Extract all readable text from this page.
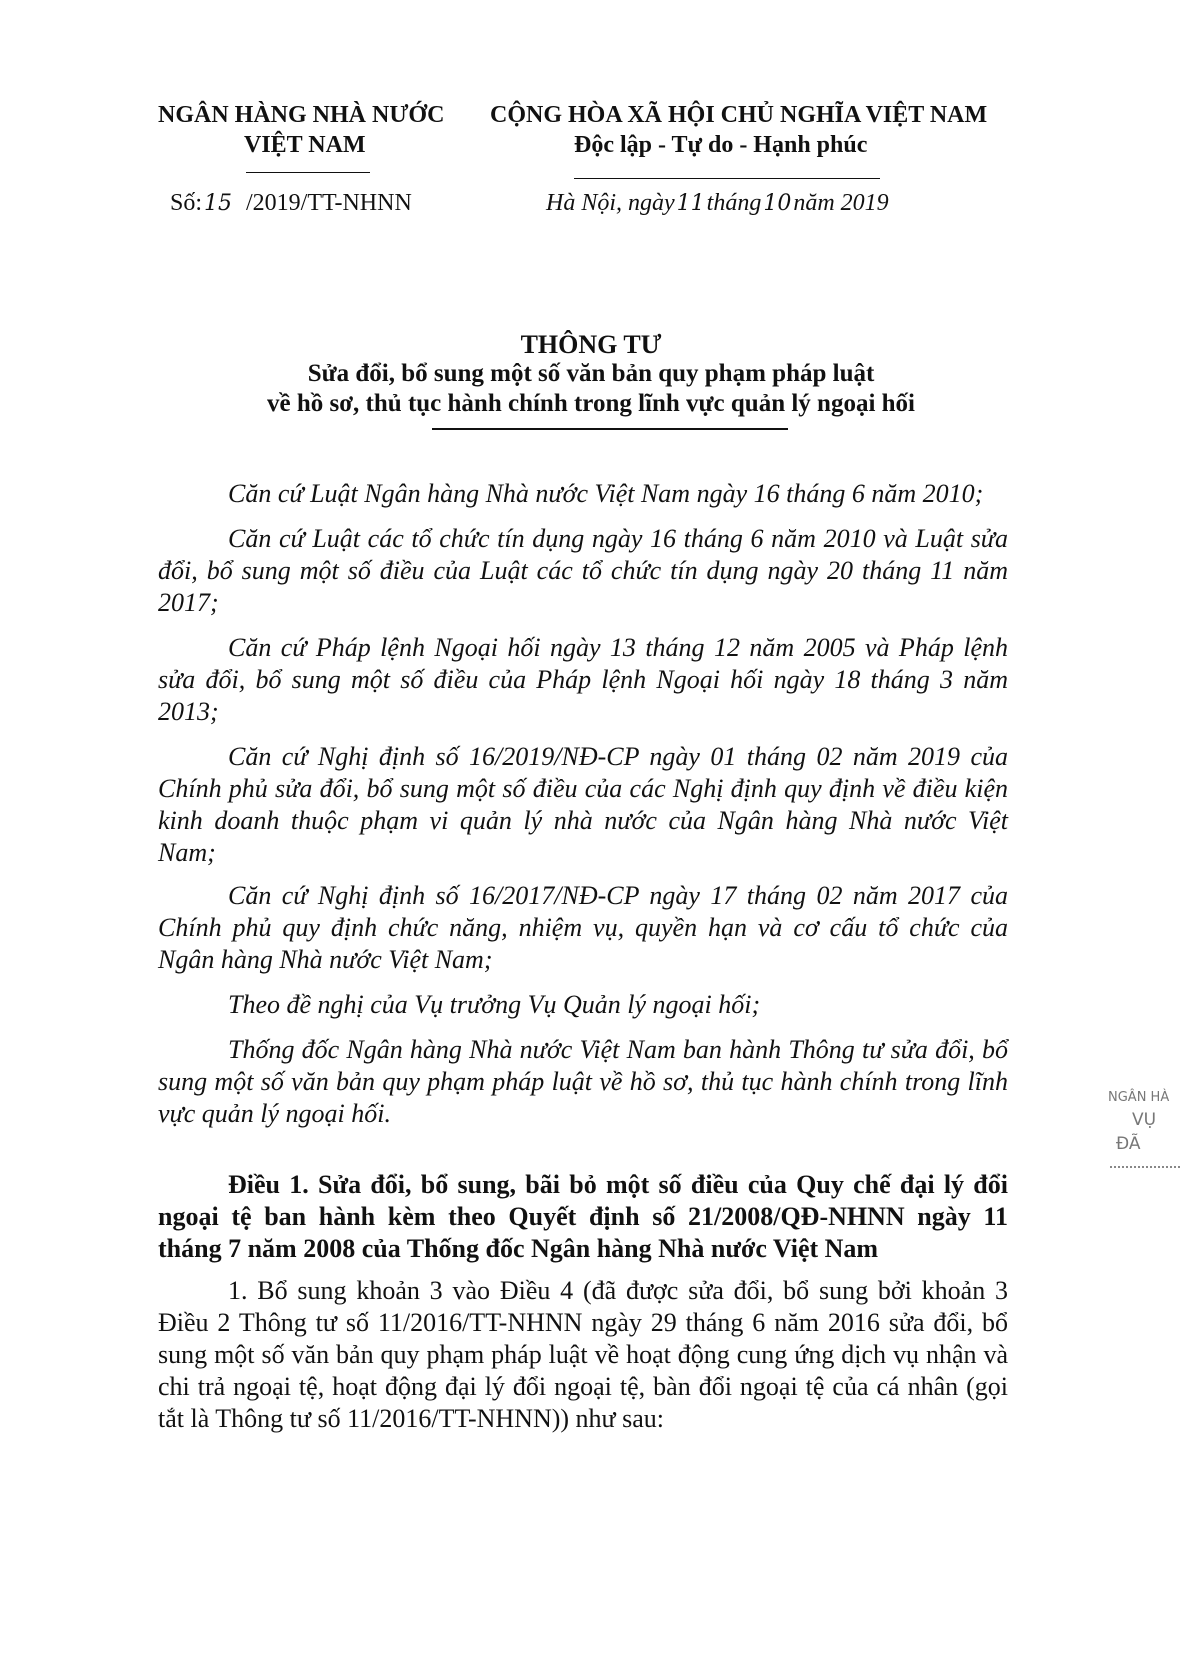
NGÂN HÀNG NHÀ NƯỚC
VIỆT NAM
Số:15 /2019/TT-NHNN
CỘNG HÒA XÃ HỘI CHỦ NGHĨA VIỆT NAM
Độc lập - Tự do - Hạnh phúc
Hà Nội, ngày11tháng10năm 2019
THÔNG TƯ
Sửa đổi, bổ sung một số văn bản quy phạm pháp luật
về hồ sơ, thủ tục hành chính trong lĩnh vực quản lý ngoại hối
Căn cứ Luật Ngân hàng Nhà nước Việt Nam ngày 16 tháng 6 năm 2010;
Căn cứ Luật các tổ chức tín dụng ngày 16 tháng 6 năm 2010 và Luật sửa
đổi, bổ sung một số điều của Luật các tổ chức tín dụng ngày 20 tháng 11 năm
2017;
Căn cứ Pháp lệnh Ngoại hối ngày 13 tháng 12 năm 2005 và Pháp lệnh
sửa đổi, bổ sung một số điều của Pháp lệnh Ngoại hối ngày 18 tháng 3 năm
2013;
Căn cứ Nghị định số 16/2019/NĐ-CP ngày 01 tháng 02 năm 2019 của
Chính phủ sửa đổi, bổ sung một số điều của các Nghị định quy định về điều kiện
kinh doanh thuộc phạm vi quản lý nhà nước của Ngân hàng Nhà nước Việt
Nam;
Căn cứ Nghị định số 16/2017/NĐ-CP ngày 17 tháng 02 năm 2017 của
Chính phủ quy định chức năng, nhiệm vụ, quyền hạn và cơ cấu tổ chức của
Ngân hàng Nhà nước Việt Nam;
Theo đề nghị của Vụ trưởng Vụ Quản lý ngoại hối;
Thống đốc Ngân hàng Nhà nước Việt Nam ban hành Thông tư sửa đổi, bổ
sung một số văn bản quy phạm pháp luật về hồ sơ, thủ tục hành chính trong lĩnh
vực quản lý ngoại hối.
Điều 1. Sửa đổi, bổ sung, bãi bỏ một số điều của Quy chế đại lý đổi
ngoại tệ ban hành kèm theo Quyết định số 21/2008/QĐ-NHNN ngày 11
tháng 7 năm 2008 của Thống đốc Ngân hàng Nhà nước Việt Nam
1. Bổ sung khoản 3 vào Điều 4 (đã được sửa đổi, bổ sung bởi khoản 3
Điều 2 Thông tư số 11/2016/TT-NHNN ngày 29 tháng 6 năm 2016 sửa đổi, bổ
sung một số văn bản quy phạm pháp luật về hoạt động cung ứng dịch vụ nhận và
chi trả ngoại tệ, hoạt động đại lý đổi ngoại tệ, bàn đổi ngoại tệ của cá nhân (gọi
tắt là Thông tư số 11/2016/TT-NHNN)) như sau:
NGÂN HÀ
VỤ
ĐÃ
